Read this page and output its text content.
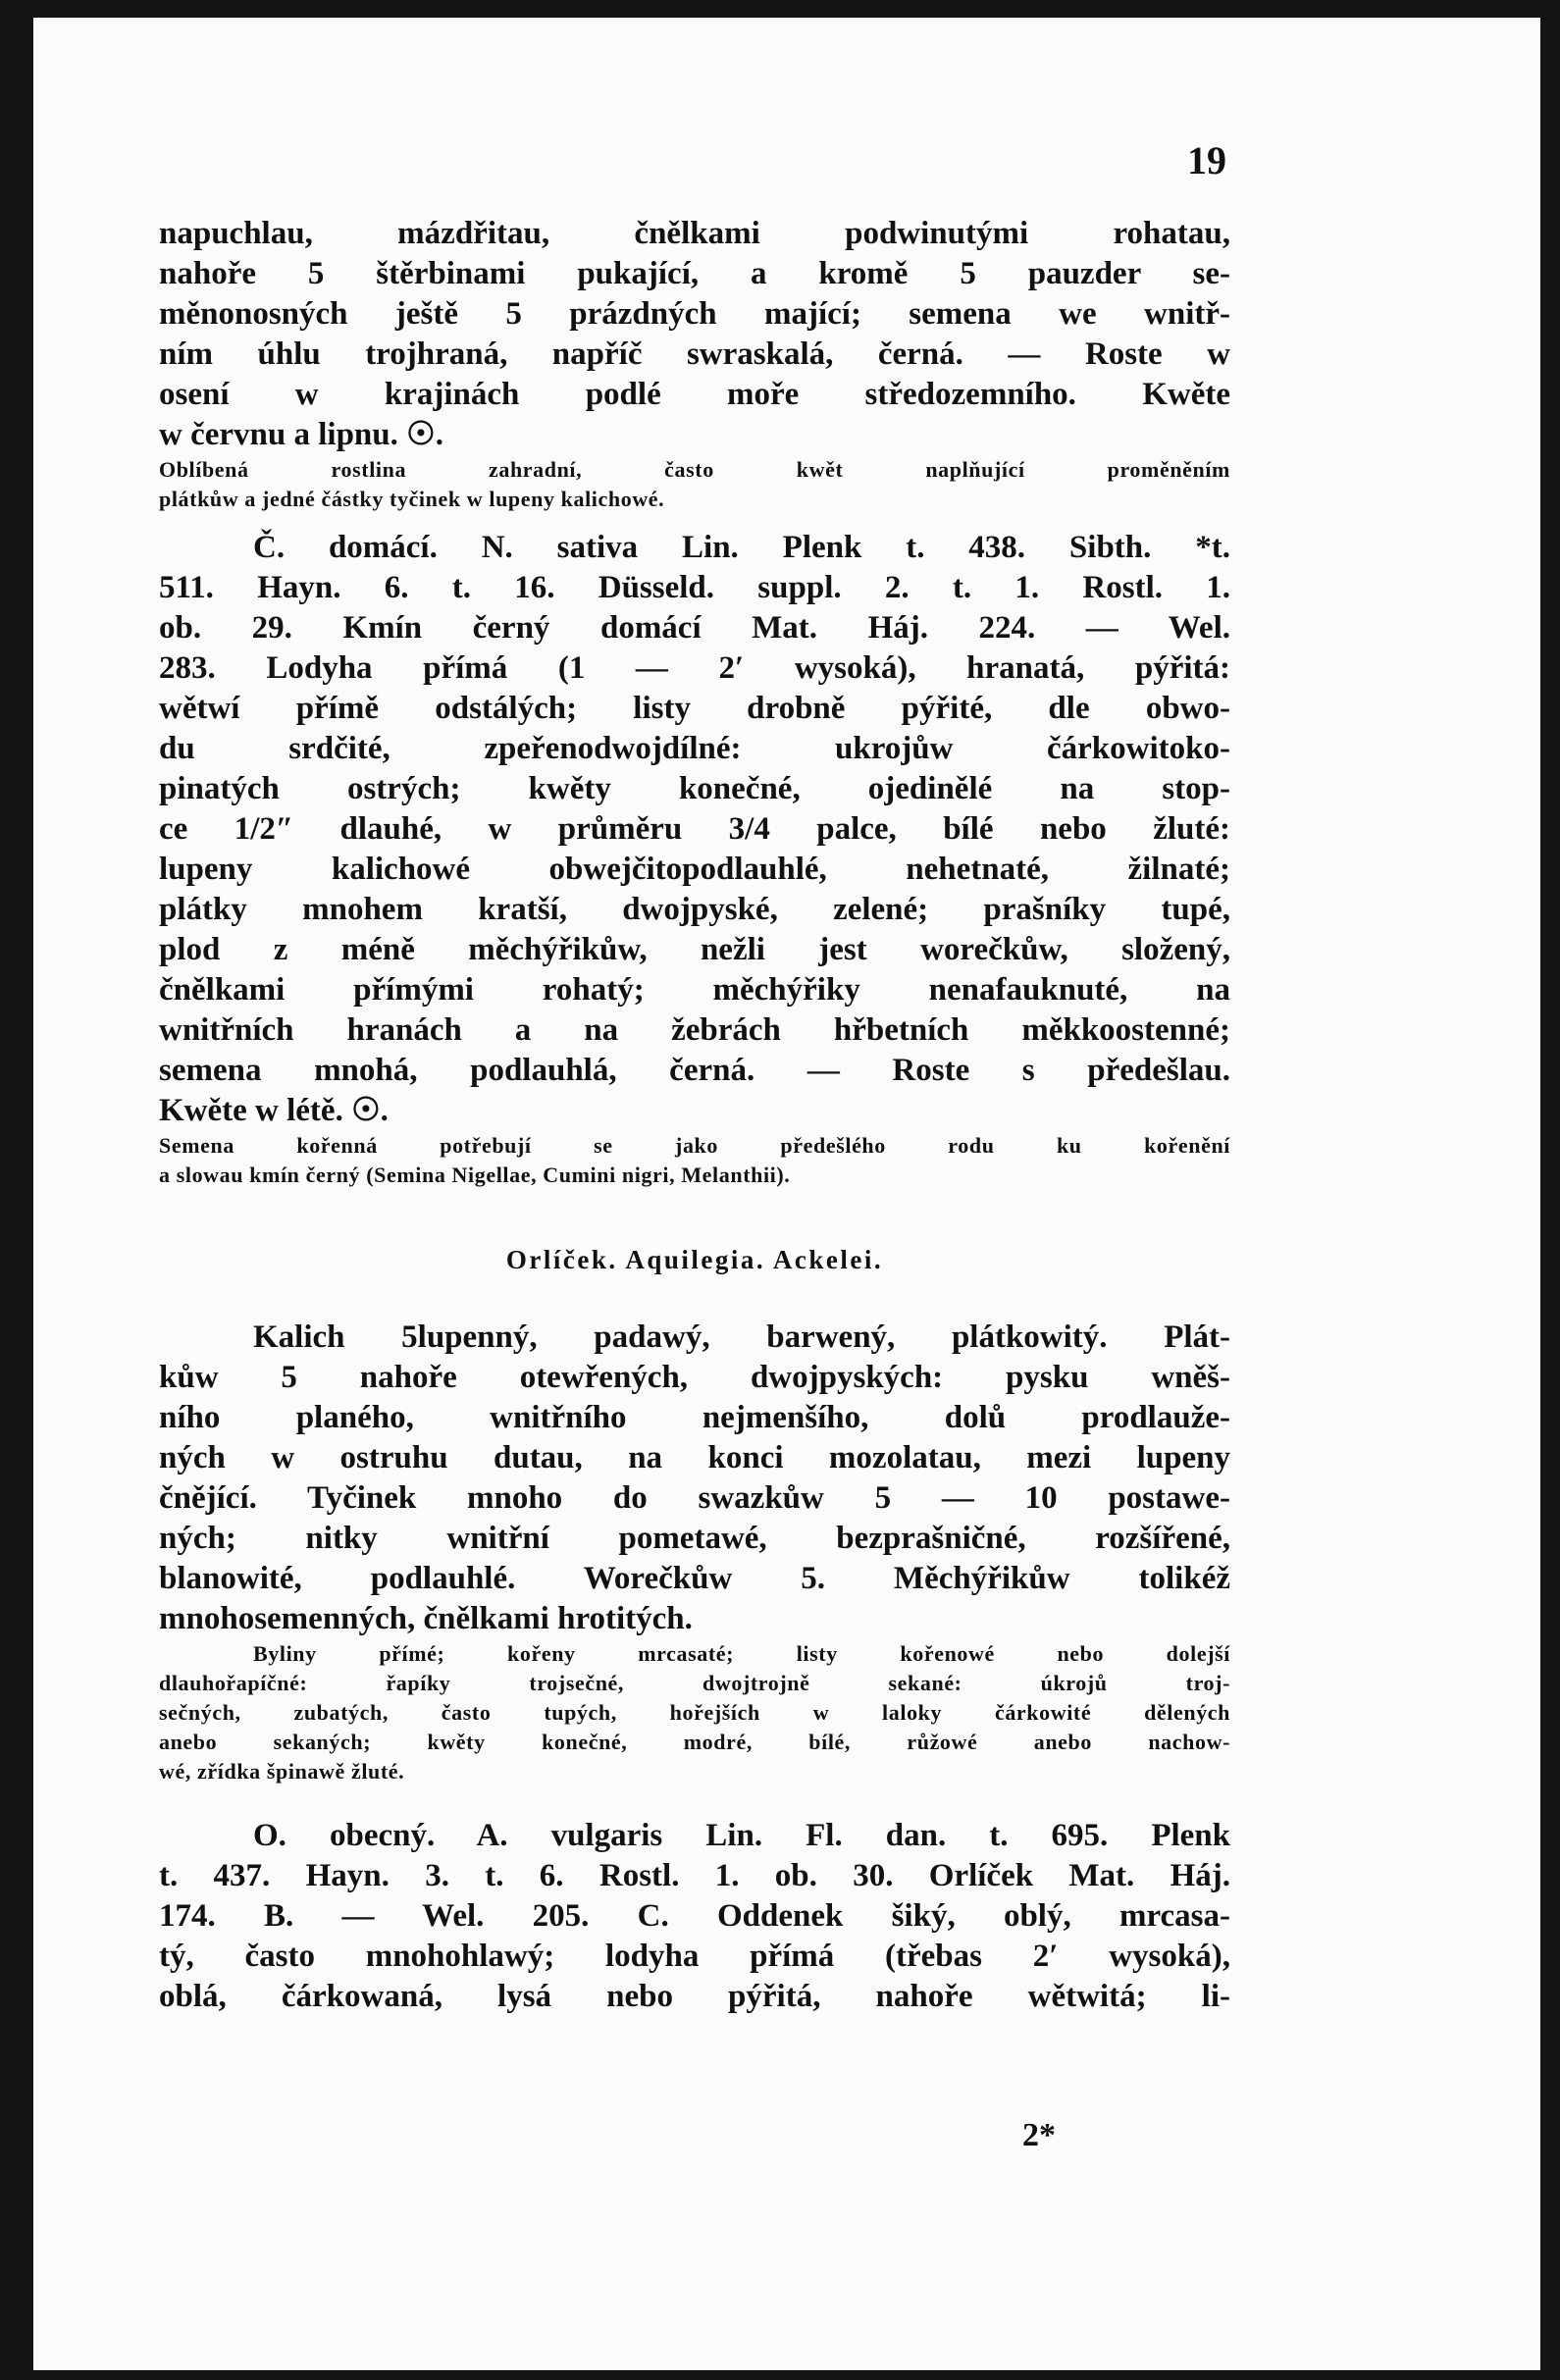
19

napuchlau, mázdřitau, čnělkami podwinutými rohatau,
nahoře 5 štěrbinami pukající, a kromě 5 pauzder se-
měnonosných ještě 5 prázdných mající; semena we wnitř-
ním úhlu trojhraná, napříč swraskalá, černá. — Roste w
osení w krajinách podlé moře středozemního. Kwěte
w červnu a lipnu. ☉.
Oblíbená rostlina zahradní, často kwět naplňující proměněním
plátkůw a jedné částky tyčinek w lupeny kalichowé.
Č. domácí. N. sativa Lin. Plenk t. 438. Sibth. *t.
511. Hayn. 6. t. 16. Düsseld. suppl. 2. t. 1. Rostl. 1.
ob. 29. Kmín černý domácí Mat. Háj. 224. — Wel.
283. Lodyha přímá (1 — 2′ wysoká), hranatá, pýřitá:
wětwí přímě odstálých; listy drobně pýřité, dle obwo-
du srdčité, zpeřenodwojdílné: ukrojůw čárkowitoko-
pinatých ostrých; kwěty konečné, ojedinělé na stop-
ce 1/2″ dlauhé, w průměru 3/4 palce, bílé nebo žluté:
lupeny kalichowé obwejčitopodlauhlé, nehetnaté, žilnaté;
plátky mnohem kratší, dwojpyské, zelené; prašníky tupé,
plod z méně měchýřikůw, nežli jest worečkůw, složený,
čnělkami přímými rohatý; měchýřiky nenafauknuté, na
wnitřních hranách a na žebrách hřbetních měkkoostenné;
semena mnohá, podlauhlá, černá. — Roste s předešlau.
Kwěte w létě. ☉.
Semena kořenná potřebují se jako předešlého rodu ku kořenění
a slowau kmín černý (Semina Nigellae, Cumini nigri, Melanthii).
Orlíček. Aquilegia. Ackelei.
Kalich 5lupenný, padawý, barwený, plátkowitý. Plát-
kůw 5 nahoře otewřených, dwojpyských: pysku wněš-
ního planého, wnitřního nejmenšího, dolů prodlauže-
ných w ostruhu dutau, na konci mozolatau, mezi lupeny
čnějící. Tyčinek mnoho do swazkůw 5 — 10 postawe-
ných; nitky wnitřní pometawé, bezprašničné, rozšířené,
blanowité, podlauhlé. Worečkůw 5. Měchýřikůw tolikéž
mnohosemenných, čnělkami hrotitých.
Byliny přímé; kořeny mrcasaté; listy kořenowé nebo dolejší
dlauhořapíčné: řapíky trojsečné, dwojtrojně sekané: úkrojů troj-
sečných, zubatých, často tupých, hořejších w laloky čárkowité dělených
anebo sekaných; kwěty konečné, modré, bílé, růžowé anebo nachow-
wé, zřídka špinawě žluté.
O. obecný. A. vulgaris Lin. Fl. dan. t. 695. Plenk
t. 437. Hayn. 3. t. 6. Rostl. 1. ob. 30. Orlíček Mat. Háj.
174. B. — Wel. 205. C. Oddenek šiký, oblý, mrcasa-
tý, často mnohohlawý; lodyha přímá (třebas 2′ wysoká),
oblá, čárkowaná, lysá nebo pýřitá, nahoře wětwitá; li-

2*
